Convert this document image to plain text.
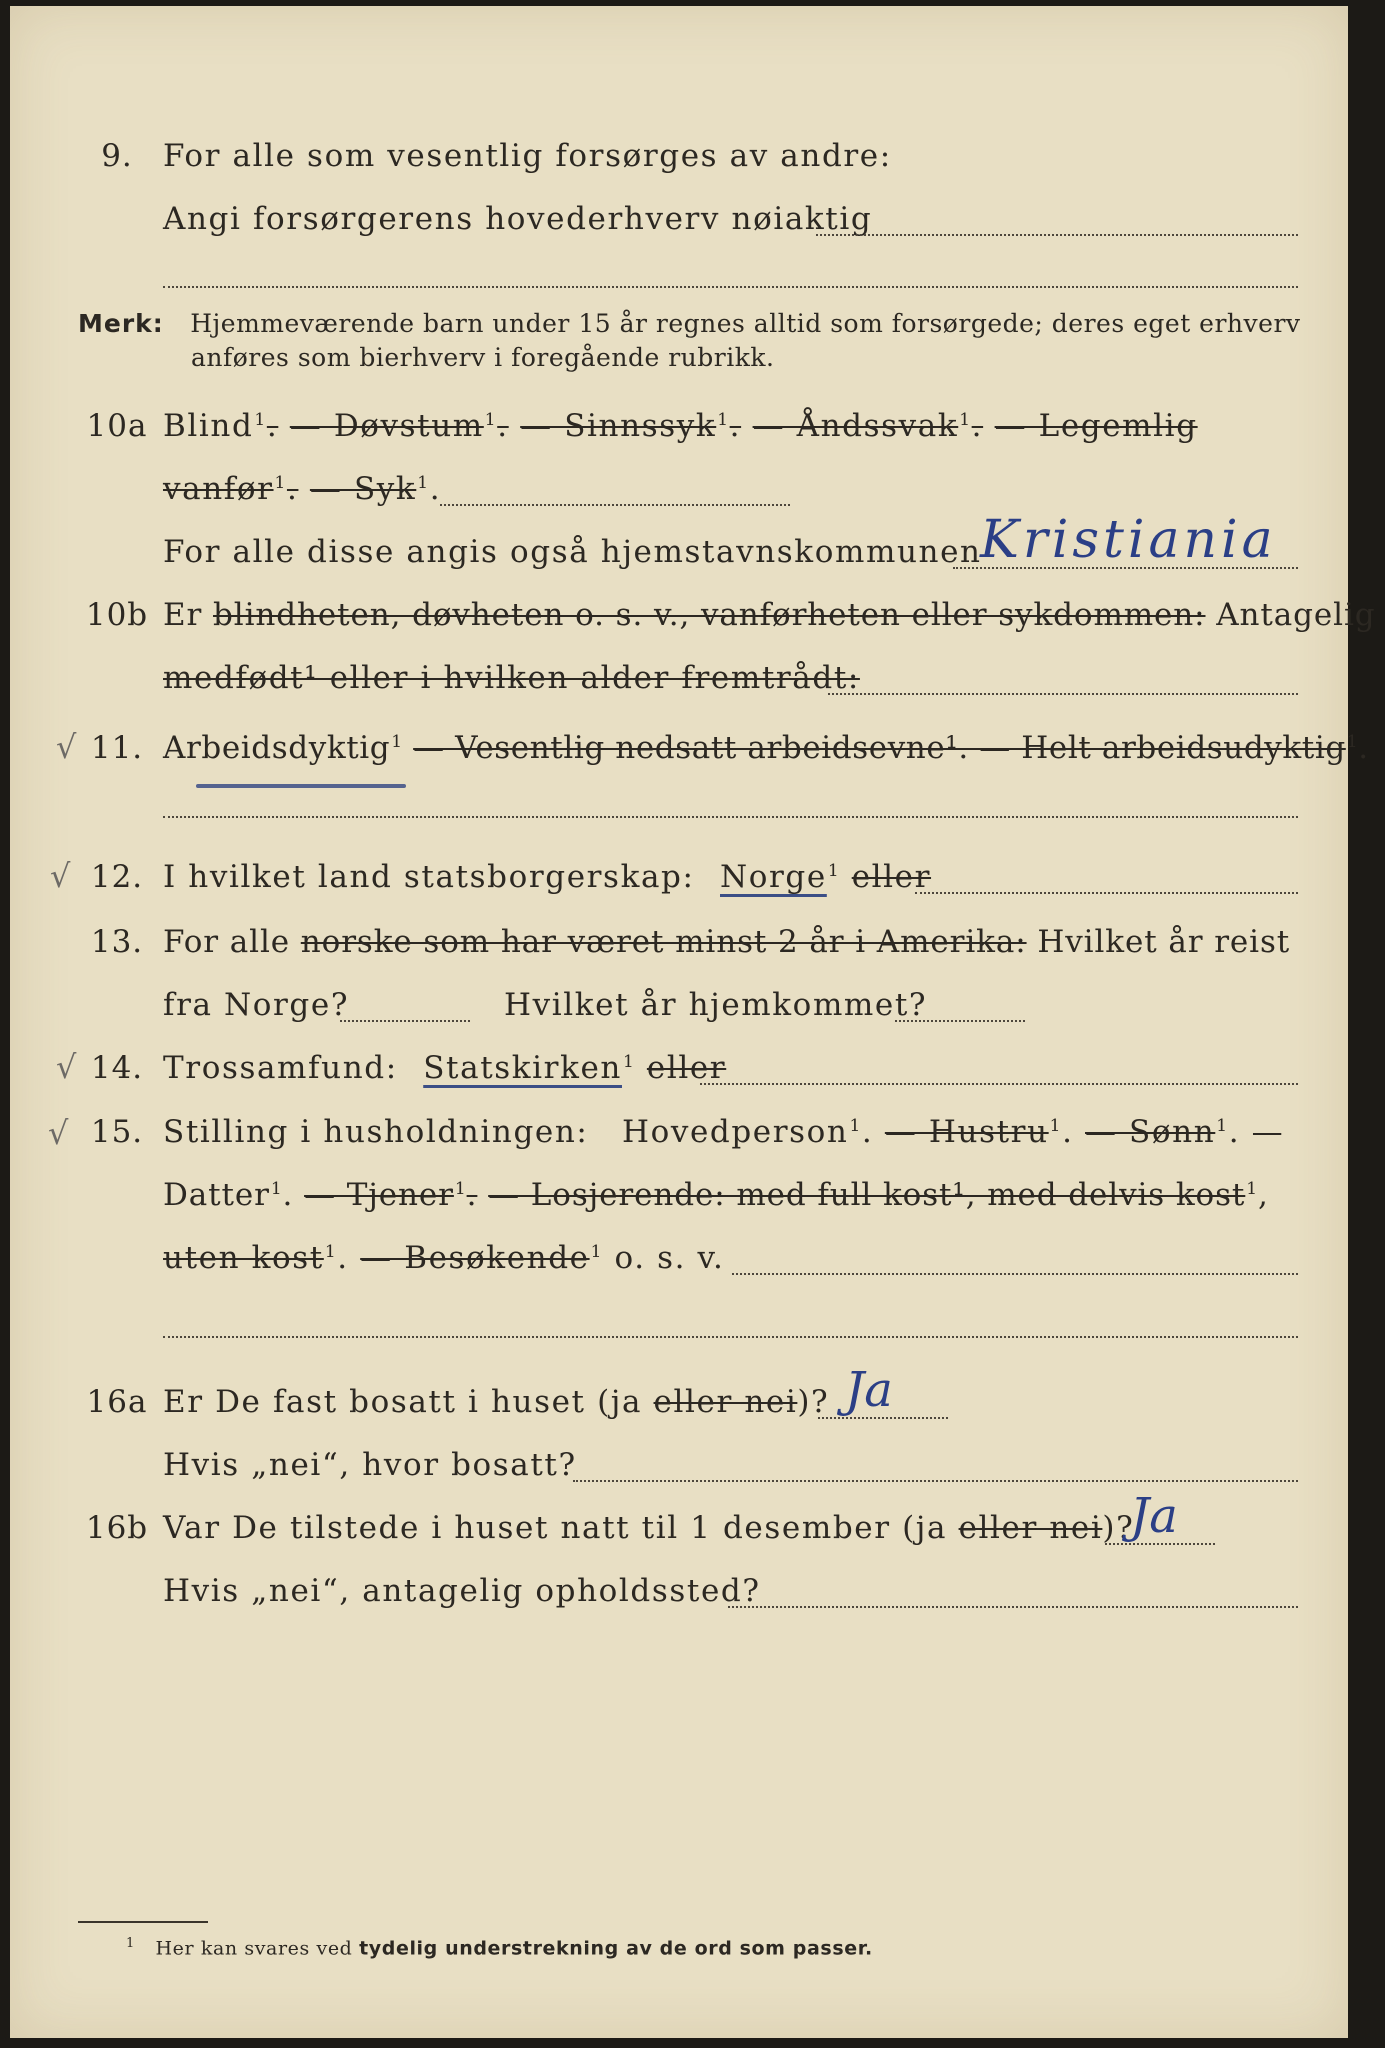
9. For alle som vesentlig forsørges av andre:
Angi forsørgerens hovederhverv nøiaktig
Merk: Hjemmeværende barn under 15 år regnes alltid som forsørgede; deres eget erhverv
anføres som bierhverv i foregående rubrikk.
10a Blind$^1$. — Døvstum$^1$. — Sinnssyk$^1$. — Åndssvak$^1$. — Legemlig
vanfør$^1$. — Syk$^1$.
For alle disse angis også hjemstavnskommunen
Kristiania
10b Er blindheten, døvheten o. s. v., vanførheten eller sykdommen: Antagelig
medfødt¹ eller i hvilken alder fremtrådt:
√ 11. Arbeidsdyktig$^1$ — Vesentlig nedsatt arbeidsevne¹. — Helt arbeidsudyktig$^1$.
√ 12. I hvilket land statsborgerskap: Norge$^1$ eller
13. For alle norske som har været minst 2 år i Amerika: Hvilket år reist
fra Norge?	Hvilket år hjemkommet?
√ 14. Trossamfund: Statskirken$^1$ eller
√ 15. Stilling i husholdningen: Hovedperson$^1$. — Hustru$^1$. — Sønn$^1$. —
Datter$^1$. — Tjener$^1$. — Losjerende: med full kost¹, med delvis kost$^1$,
uten kost$^1$. — Besøkende$^1$ o. s. v.
16a Er De fast bosatt i huset (ja eller nei)? Ja
Hvis „nei“, hvor bosatt?
16b Var De tilstede i huset natt til 1 desember (ja eller nei)?
Ja
Hvis „nei“, antagelig opholdssted?
$^1$ Her kan svares ved tydelig understrekning av de ord som passer.
